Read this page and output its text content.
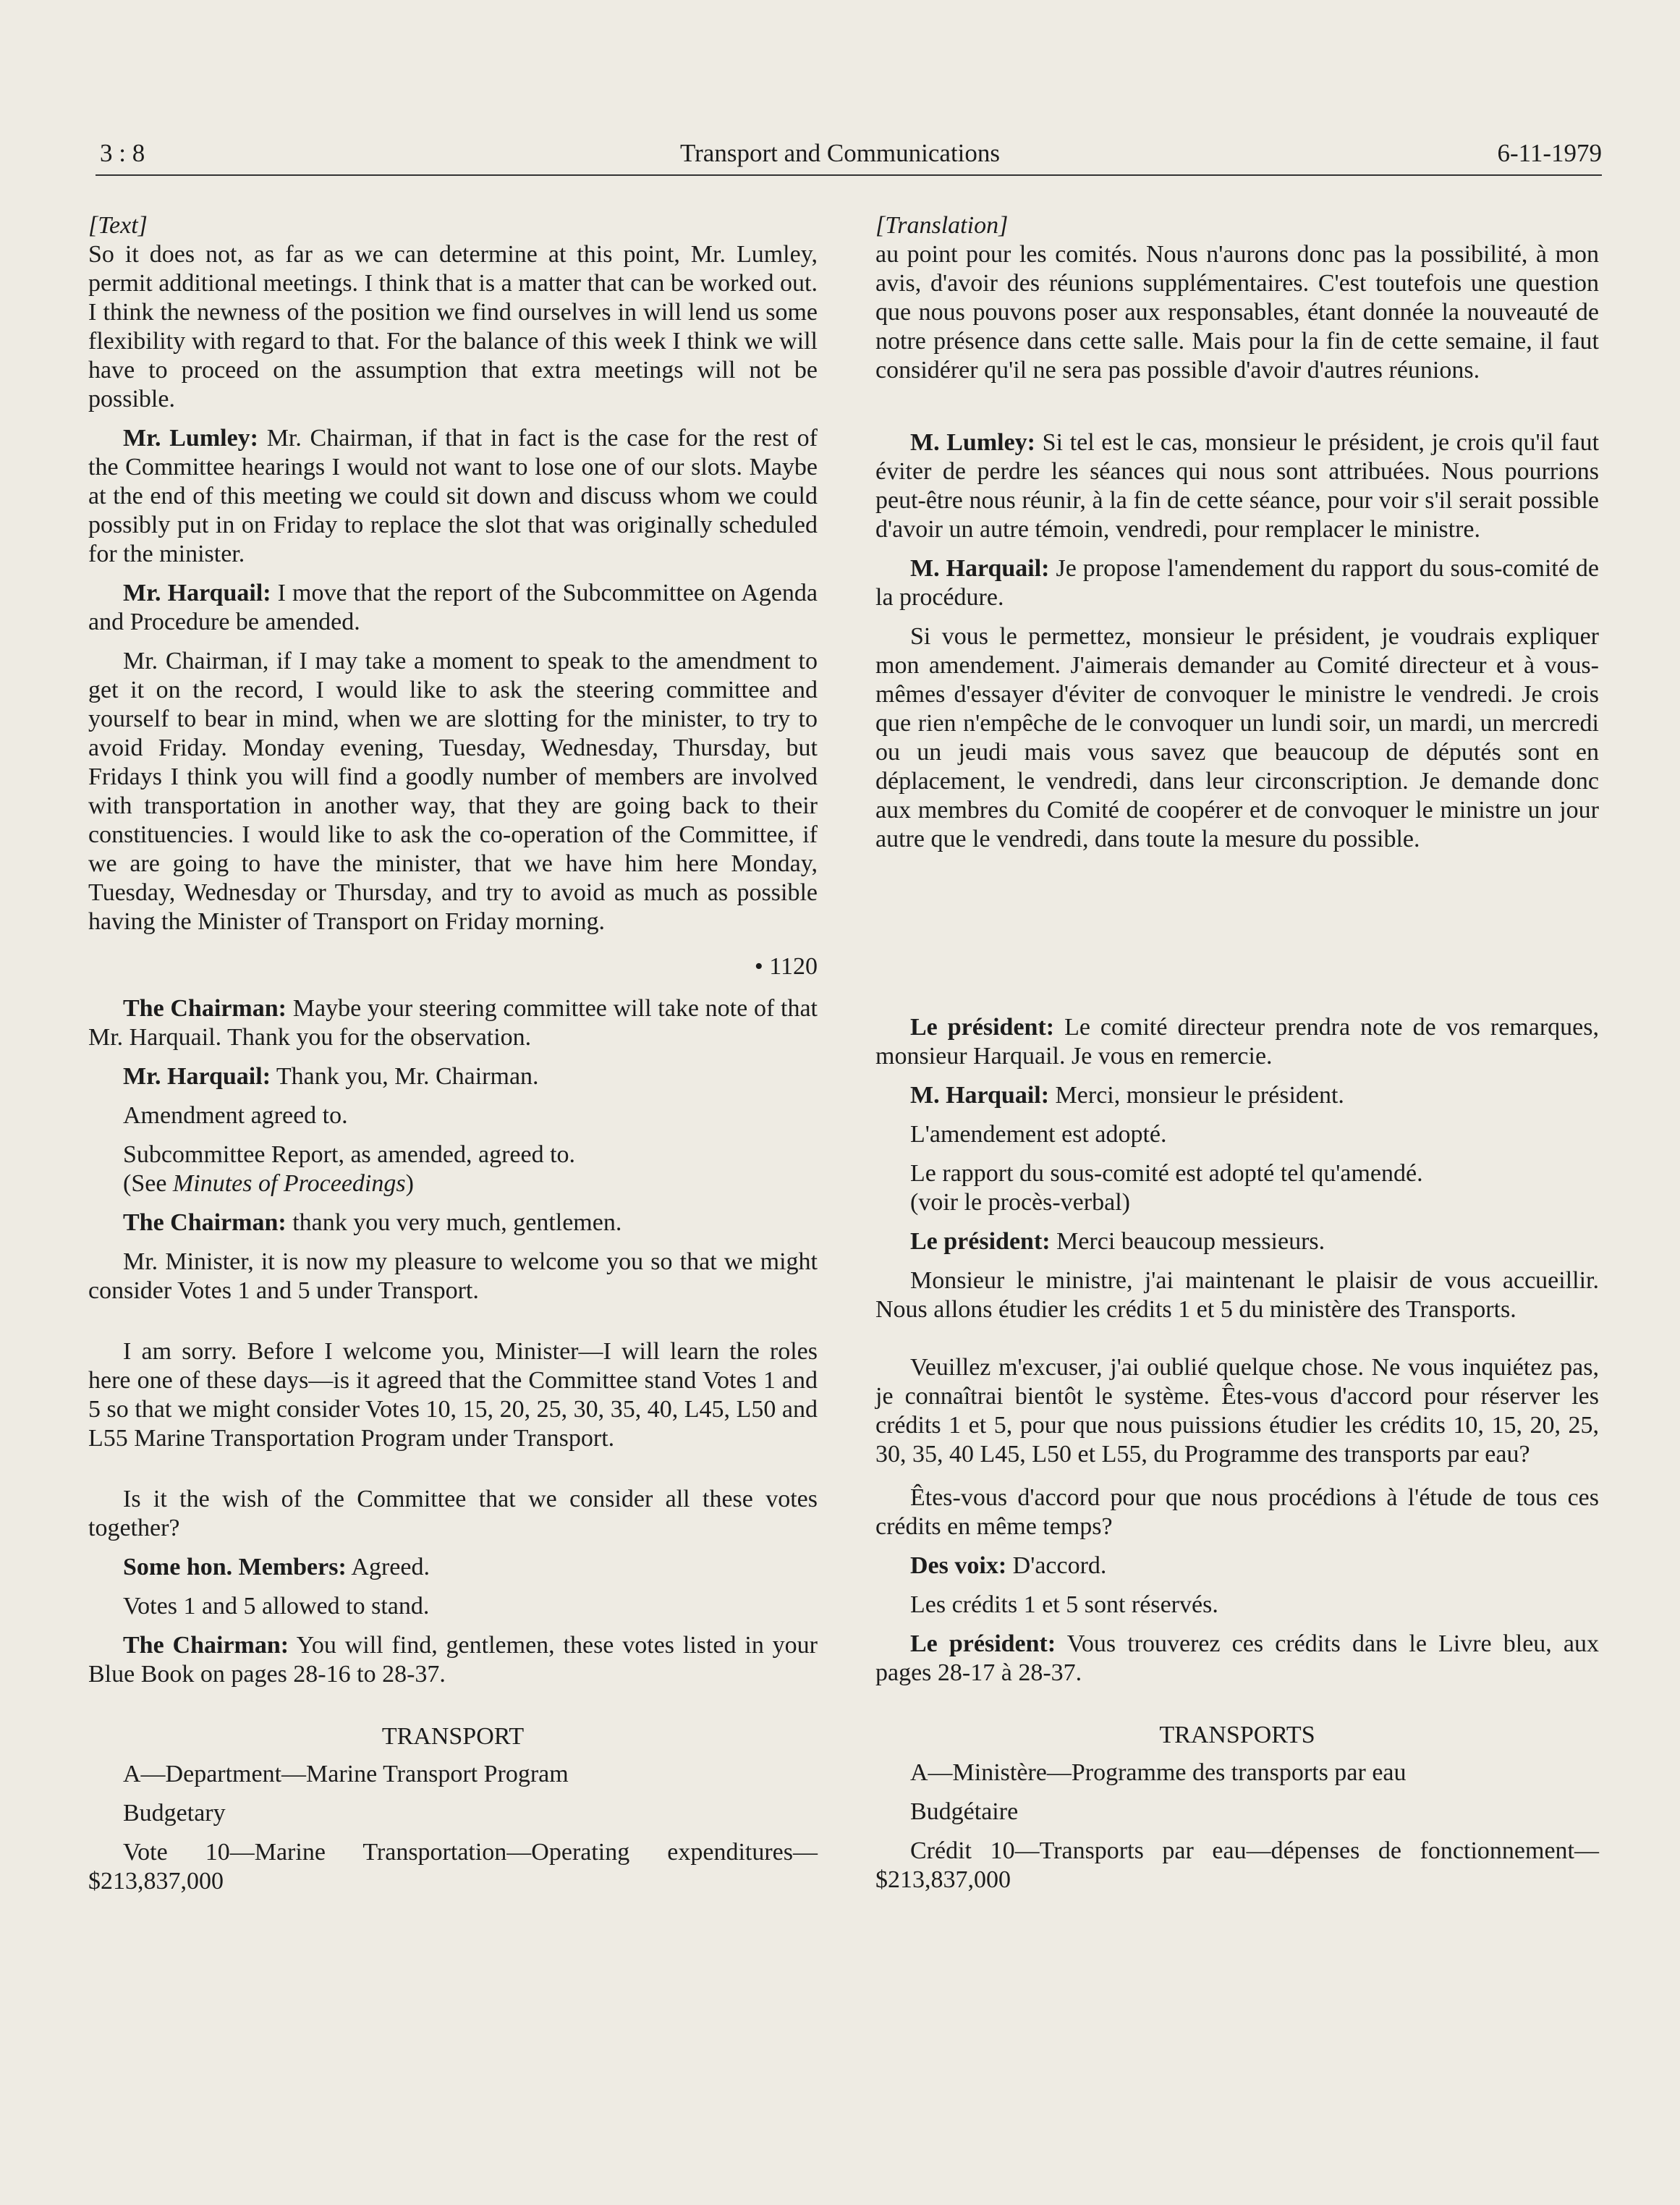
3 : 8	Transport and Communications	6-11-1979

[Text]

So it does not, as far as we can determine at this point, Mr. Lumley, permit additional meetings. I think that is a matter that can be worked out. I think the newness of the position we find ourselves in will lend us some flexibility with regard to that. For the balance of this week I think we will have to proceed on the assumption that extra meetings will not be possible.

Mr. Lumley: Mr. Chairman, if that in fact is the case for the rest of the Committee hearings I would not want to lose one of our slots. Maybe at the end of this meeting we could sit down and discuss whom we could possibly put in on Friday to replace the slot that was originally scheduled for the minister.

Mr. Harquail: I move that the report of the Subcommittee on Agenda and Procedure be amended.

Mr. Chairman, if I may take a moment to speak to the amendment to get it on the record, I would like to ask the steering committee and yourself to bear in mind, when we are slotting for the minister, to try to avoid Friday. Monday evening, Tuesday, Wednesday, Thursday, but Fridays I think you will find a goodly number of members are involved with transportation in another way, that they are going back to their constituencies. I would like to ask the co-operation of the Committee, if we are going to have the minister, that we have him here Monday, Tuesday, Wednesday or Thursday, and try to avoid as much as possible having the Minister of Transport on Friday morning.

• 1120

The Chairman: Maybe your steering committee will take note of that Mr. Harquail. Thank you for the observation.

Mr. Harquail: Thank you, Mr. Chairman.

Amendment agreed to.

Subcommittee Report, as amended, agreed to.

(See Minutes of Proceedings)

The Chairman: thank you very much, gentlemen.

Mr. Minister, it is now my pleasure to welcome you so that we might consider Votes 1 and 5 under Transport.

I am sorry. Before I welcome you, Minister—I will learn the roles here one of these days—is it agreed that the Committee stand Votes 1 and 5 so that we might consider Votes 10, 15, 20, 25, 30, 35, 40, L45, L50 and L55 Marine Transportation Program under Transport.

Is it the wish of the Committee that we consider all these votes together?

Some hon. Members: Agreed.

Votes 1 and 5 allowed to stand.

The Chairman: You will find, gentlemen, these votes listed in your Blue Book on pages 28-16 to 28-37.

TRANSPORT

A—Department—Marine Transport Program

Budgetary

Vote 10—Marine Transportation—Operating expenditures—$213,837,000

[Translation]

au point pour les comités. Nous n'aurons donc pas la possibilité, à mon avis, d'avoir des réunions supplémentaires. C'est toutefois une question que nous pouvons poser aux responsables, étant donnée la nouveauté de notre présence dans cette salle. Mais pour la fin de cette semaine, il faut considérer qu'il ne sera pas possible d'avoir d'autres réunions.

M. Lumley: Si tel est le cas, monsieur le président, je crois qu'il faut éviter de perdre les séances qui nous sont attribuées. Nous pourrions peut-être nous réunir, à la fin de cette séance, pour voir s'il serait possible d'avoir un autre témoin, vendredi, pour remplacer le ministre.

M. Harquail: Je propose l'amendement du rapport du sous-comité de la procédure.

Si vous le permettez, monsieur le président, je voudrais expliquer mon amendement. J'aimerais demander au Comité directeur et à vous-mêmes d'essayer d'éviter de convoquer le ministre le vendredi. Je crois que rien n'empêche de le convoquer un lundi soir, un mardi, un mercredi ou un jeudi mais vous savez que beaucoup de députés sont en déplacement, le vendredi, dans leur circonscription. Je demande donc aux membres du Comité de coopérer et de convoquer le ministre un jour autre que le vendredi, dans toute la mesure du possible.

Le président: Le comité directeur prendra note de vos remarques, monsieur Harquail. Je vous en remercie.

M. Harquail: Merci, monsieur le président.

L'amendement est adopté.

Le rapport du sous-comité est adopté tel qu'amendé.

(voir le procès-verbal)

Le président: Merci beaucoup messieurs.

Monsieur le ministre, j'ai maintenant le plaisir de vous accueillir. Nous allons étudier les crédits 1 et 5 du ministère des Transports.

Veuillez m'excuser, j'ai oublié quelque chose. Ne vous inquiétez pas, je connaîtrai bientôt le système. Êtes-vous d'accord pour réserver les crédits 1 et 5, pour que nous puissions étudier les crédits 10, 15, 20, 25, 30, 35, 40 L45, L50 et L55, du Programme des transports par eau?

Êtes-vous d'accord pour que nous procédions à l'étude de tous ces crédits en même temps?

Des voix: D'accord.

Les crédits 1 et 5 sont réservés.

Le président: Vous trouverez ces crédits dans le Livre bleu, aux pages 28-17 à 28-37.

TRANSPORTS

A—Ministère—Programme des transports par eau

Budgétaire

Crédit 10—Transports par eau—dépenses de fonctionnement—$213,837,000
